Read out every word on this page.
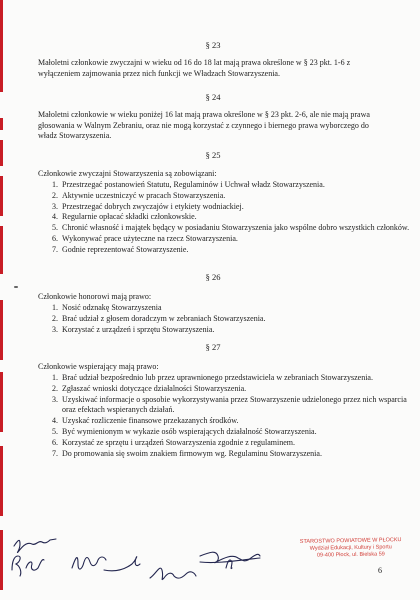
§ 23
Małoletni członkowie zwyczajni w wieku od 16 do 18 lat mają prawa określone w § 23 pkt. 1-6 z wyłączeniem zajmowania przez nich funkcji we Władzach Stowarzyszenia.
§ 24
Małoletni członkowie w wieku poniżej 16 lat mają prawa określone w § 23 pkt. 2-6, ale nie mają prawa głosowania w Walnym Zebraniu, oraz nie mogą korzystać z czynnego i biernego prawa wyborczego do władz Stowarzyszenia.
§ 25
Członkowie zwyczajni Stowarzyszenia są zobowiązani:
1. Przestrzegać postanowień Statutu, Regulaminów i Uchwał władz Stowarzyszenia.
2. Aktywnie uczestniczyć w pracach Stowarzyszenia.
3. Przestrzegać dobrych zwyczajów i etykiety wodniackiej.
4. Regularnie opłacać składki członkowskie.
5. Chronić własność i majątek będący w posiadaniu Stowarzyszenia jako wspólne dobro wszystkich członków.
6. Wykonywać prace użyteczne na rzecz Stowarzyszenia.
7. Godnie reprezentować Stowarzyszenie.
§ 26
Członkowie honorowi mają prawo:
1. Nosić odznakę Stowarzyszenia
2. Brać udział z głosem doradczym w zebraniach Stowarzyszenia.
3. Korzystać z urządzeń i sprzętu Stowarzyszenia.
§ 27
Członkowie wspierający mają prawo:
1. Brać udział bezpośrednio lub przez uprawnionego przedstawiciela w zebraniach Stowarzyszenia.
2. Zgłaszać wnioski dotyczące działalności Stowarzyszenia.
3. Uzyskiwać informacje o sposobie wykorzystywania przez Stowarzyszenie udzielonego przez nich wsparcia oraz efektach wspieranych działań.
4. Uzyskać rozliczenie finansowe przekazanych środków.
5. Być wymienionym w wykazie osób wspierających działalność Stowarzyszenia.
6. Korzystać ze sprzętu i urządzeń Stowarzyszenia zgodnie z regulaminem.
7. Do promowania się swoim znakiem firmowym wg. Regulaminu Stowarzyszenia.
STAROSTWO POWIATOWE W PŁOCKU
Wydział Edukacji, Kultury i Sportu
09-400 Płock, ul. Bielska 59
6
